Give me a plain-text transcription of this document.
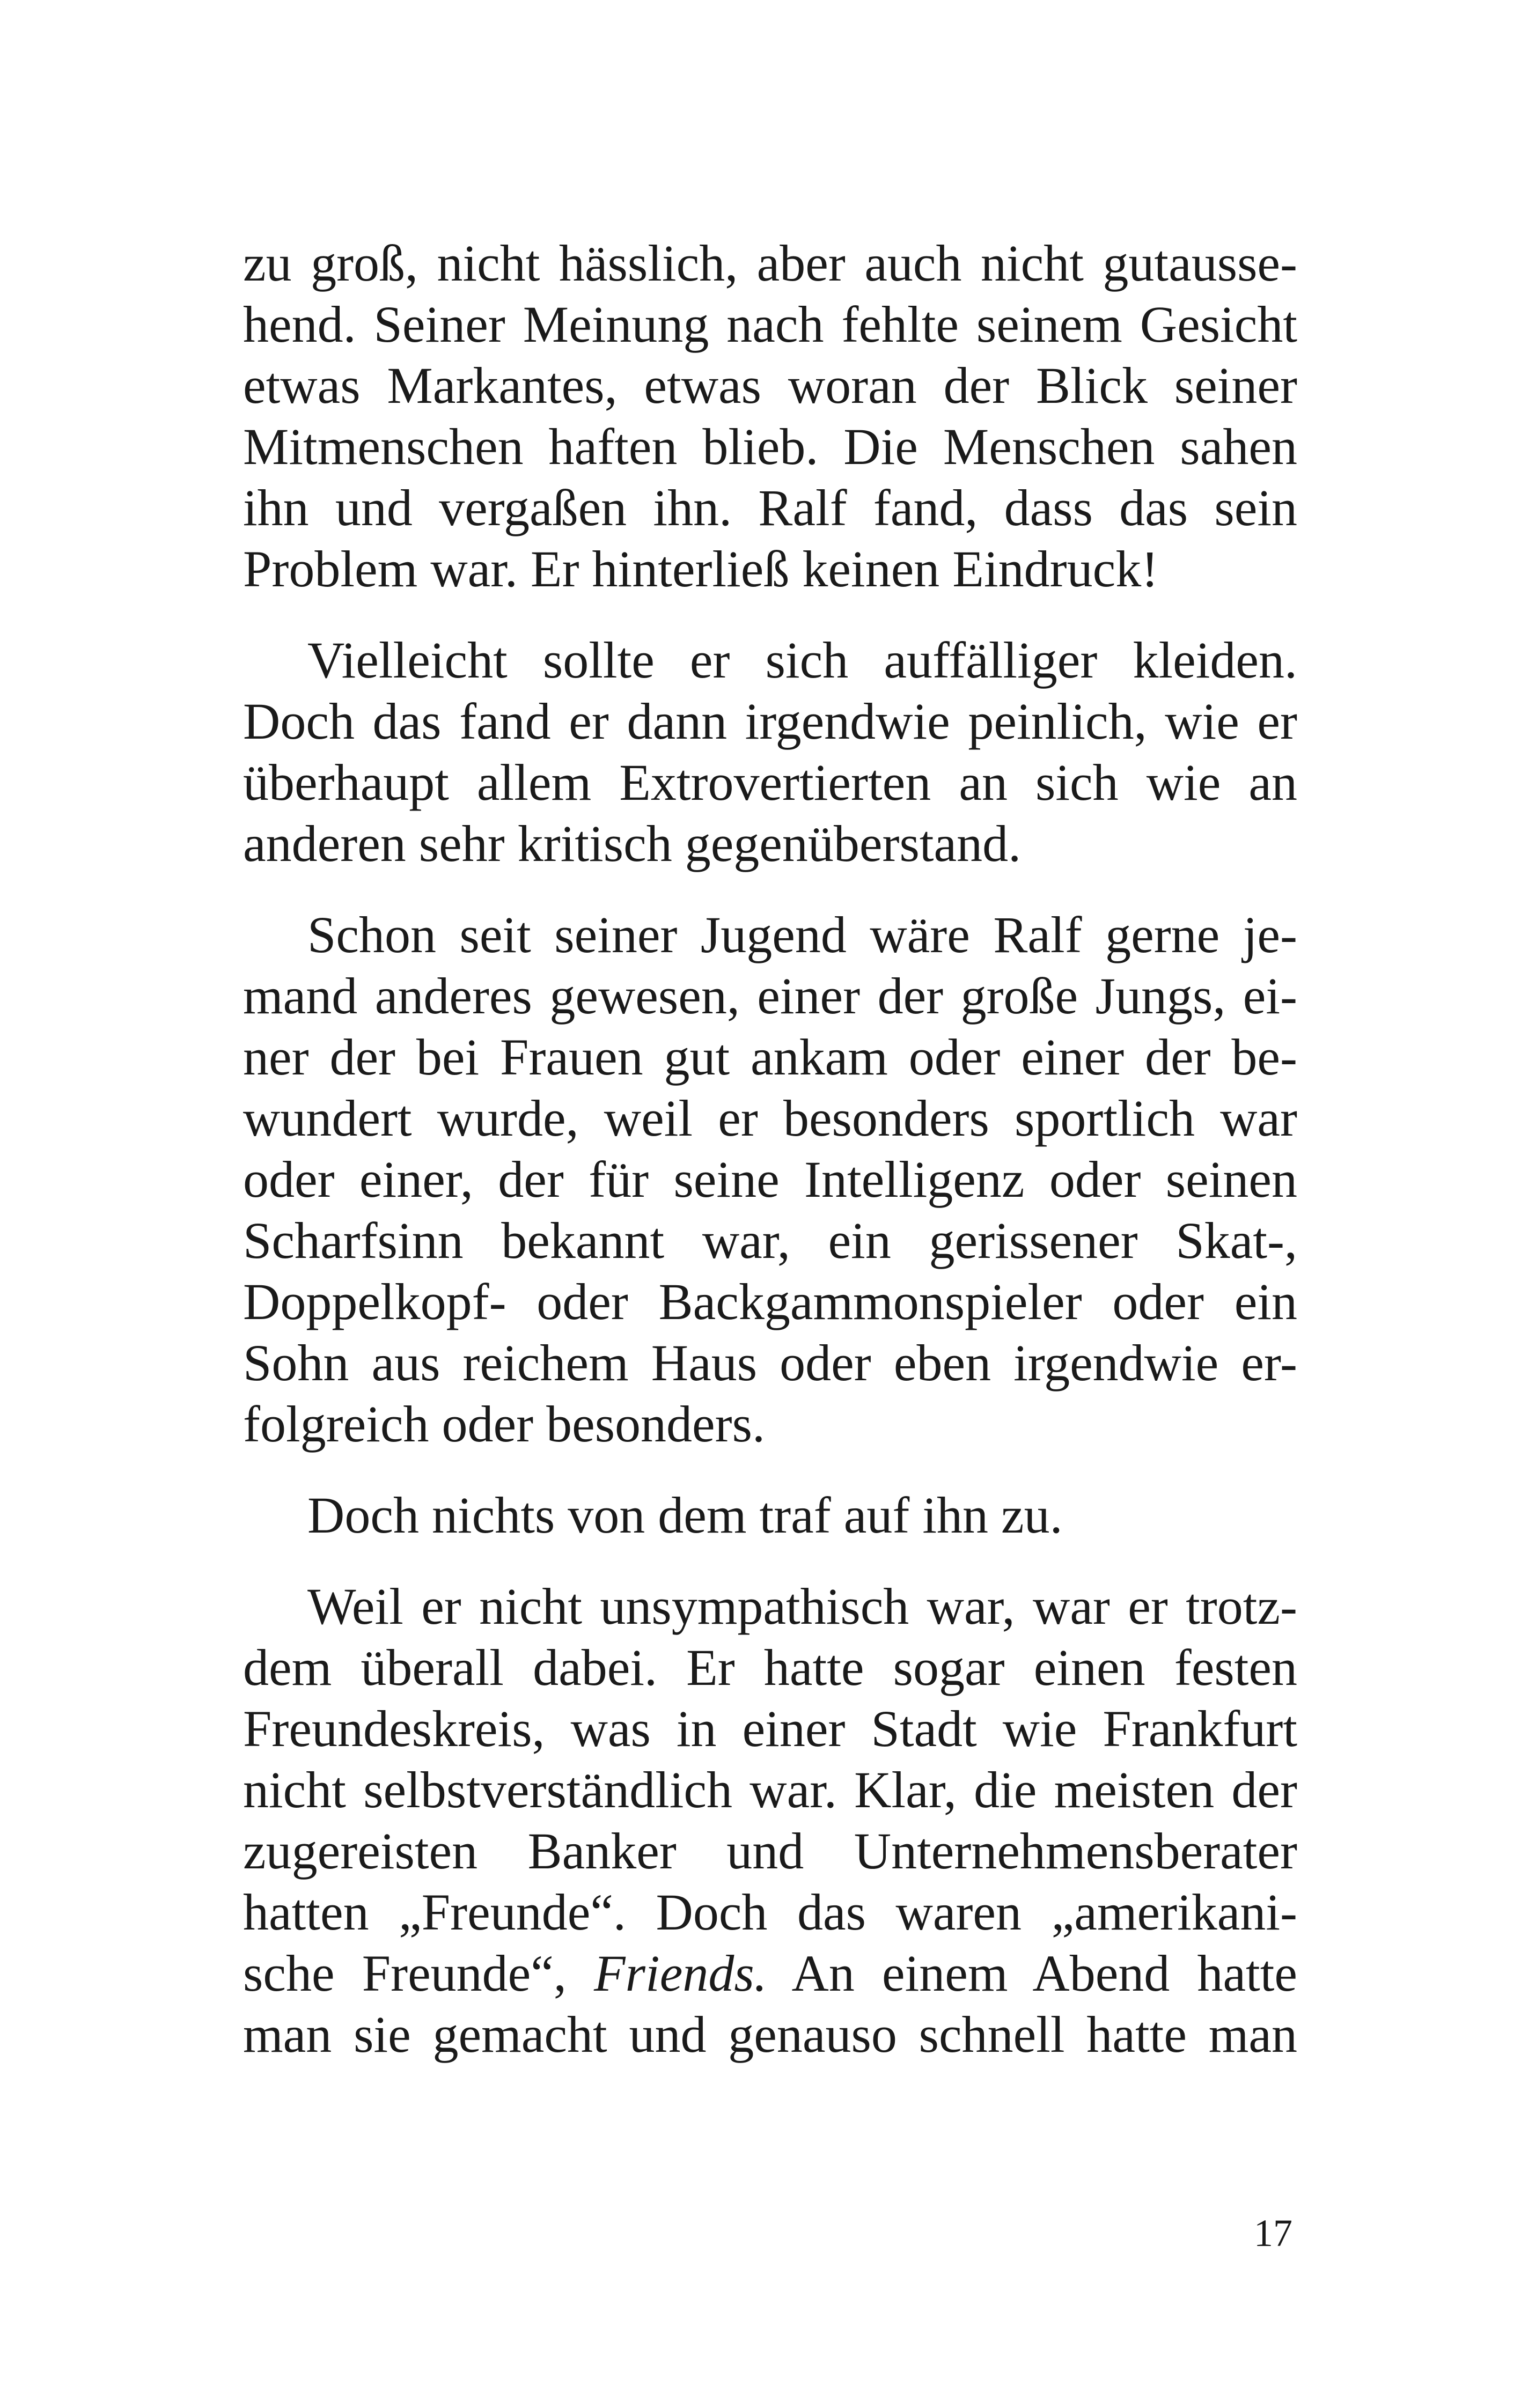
zu groß, nicht hässlich, aber auch nicht gutausse-
hend. Seiner Meinung nach fehlte seinem Gesicht
etwas Markantes, etwas woran der Blick seiner
Mitmenschen haften blieb. Die Menschen sahen
ihn und vergaßen ihn. Ralf fand, dass das sein
Problem war. Er hinterließ keinen Eindruck!
Vielleicht sollte er sich auffälliger kleiden.
Doch das fand er dann irgendwie peinlich, wie er
überhaupt allem Extrovertierten an sich wie an
anderen sehr kritisch gegenüberstand.
Schon seit seiner Jugend wäre Ralf gerne je-
mand anderes gewesen, einer der große Jungs, ei-
ner der bei Frauen gut ankam oder einer der be-
wundert wurde, weil er besonders sportlich war
oder einer, der für seine Intelligenz oder seinen
Scharfsinn bekannt war, ein gerissener Skat-,
Doppelkopf- oder Backgammonspieler oder ein
Sohn aus reichem Haus oder eben irgendwie er-
folgreich oder besonders.
Doch nichts von dem traf auf ihn zu.
Weil er nicht unsympathisch war, war er trotz-
dem überall dabei. Er hatte sogar einen festen
Freundeskreis, was in einer Stadt wie Frankfurt
nicht selbstverständlich war. Klar, die meisten der
zugereisten Banker und Unternehmensberater
hatten „Freunde“. Doch das waren „amerikani-
sche Freunde“, Friends. An einem Abend hatte
man sie gemacht und genauso schnell hatte man
17
